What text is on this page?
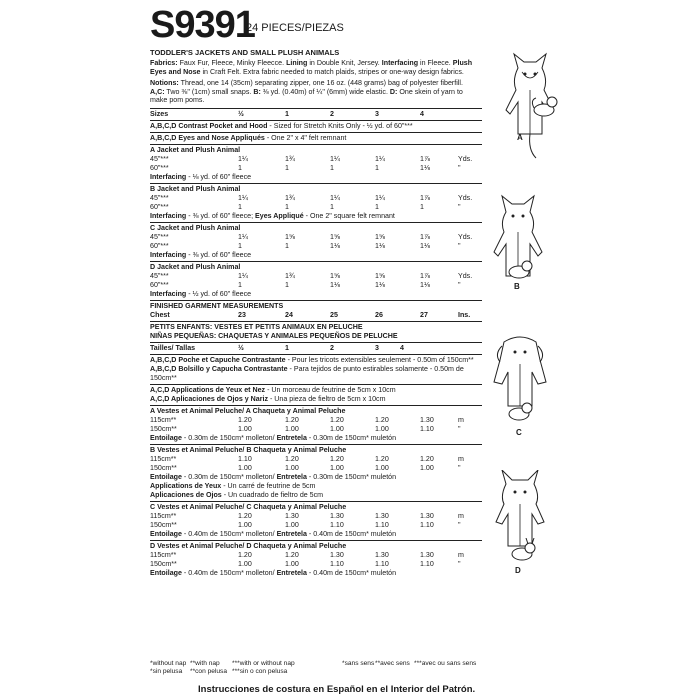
S9391
24 PIECES/PIEZAS
TODDLER'S JACKETS AND SMALL PLUSH ANIMALS

Fabrics: Faux Fur, Fleece, Minky Fleecce. Lining in Double Knit, Jersey. Interfacing in Fleece. Plush Eyes and Nose in Craft Felt. Extra fabric needed to match plaids, stripes or one-way design fabrics.

Notions: Thread, one 14 (35cm) separating zipper, one 16 oz. (448 grams) bag of polyester fiberfill.
A,C: Two ⅜" (1cm) small snaps. B: ⅜ yd. (0.40m) of ¼" (6mm) wide elastic. D: One skein of yarn to make pom poms.

Sizes	½	1	2	3	4
A,B,C,D Contrast Pocket and Hood - Sized for Stretch Knits Only - ½ yd. of 60"***
A,B,C,D Eyes and Nose Appliqués - One 2" x 4" felt remnant
A Jacket and Plush Animal
45"***	1¼	1¾	1¼	1¼	1⅞	Yds.
60"***	1	1	1	1	1⅛	"
Interfacing - ⅛ yd. of 60" fleece
B Jacket and Plush Animal
45"***	1¼	1¾	1¼	1¼	1⅞	Yds.
60"***	1	1	1	1	1	"
Interfacing - ⅜ yd. of 60" fleece; Eyes Appliqué - One 2" square felt remnant
C Jacket and Plush Animal
45"***	1¼	1⅝	1⅝	1⅝	1⅞	Yds.
60"***	1	1	1⅛	1⅛	1⅛	"
Interfacing - ⅜ yd. of 60" fleece
D Jacket and Plush Animal
45"***	1¼	1¾	1⅝	1⅝	1⅞	Yds.
60"***	1	1	1⅛	1⅛	1⅛	"
Interfacing - ½ yd. of 60" fleece
FINISHED GARMENT MEASUREMENTS
Chest	23	24	25	26	27	Ins.
PETITS ENFANTS: VESTES ET PETITS ANIMAUX EN PELUCHE
NIÑAS PEQUEÑAS: CHAQUETAS Y ANIMALES PEQUEÑOS DE PELUCHE
Tailles/ Tallas	½	1	2	3	4
A,B,C,D Poche et Capuche Contrastante - Pour les tricots extensibles seulement - 0.50m of 150cm**
A,B,C,D Bolsillo y Capucha Contrastante - Para tejidos de punto estirables solamente - 0.50m de 150cm**
A,C,D Applications de Yeux et Nez - Un morceau de feutrine de 5cm x 10cm
A,C,D Aplicaciones de Ojos y Nariz - Una pieza de fieltro de 5cm x 10cm
A Vestes et Animal Peluche/ A Chaqueta y Animal Peluche
115cm**	1.20	1.20	1.20	1.20	1.30	m
150cm**	1.00	1.00	1.00	1.00	1.10	"
Entoilage - 0.30m de 150cm* molleton/ Entretela - 0.30m de 150cm* muletón
B Vestes et Animal Peluche/ B Chaqueta y Animal Peluche
115cm**	1.10	1.20	1.20	1.20	1.20	m
150cm**	1.00	1.00	1.00	1.00	1.00	"
Entoilage - 0.30m de 150cm* molleton/ Entretela - 0.30m de 150cm* muletón
Applications de Yeux - Un carré de feutrine de 5cm
Aplicaciones de Ojos - Un cuadrado de fieltro de 5cm
C Vestes et Animal Peluche/ C Chaqueta y Animal Peluche
115cm**	1.20	1.30	1.30	1.30	1.30	m
150cm**	1.00	1.00	1.10	1.10	1.10	"
Entoilage - 0.40m de 150cm* molleton/ Entretela - 0.40m de 150cm* muletón
D Vestes et Animal Peluche/ D Chaqueta y Animal Peluche
115cm**	1.20	1.20	1.30	1.30	1.30	m
150cm**	1.00	1.00	1.10	1.10	1.10	"
Entoilage - 0.40m de 150cm* molleton/ Entretela - 0.40m de 150cm* muletón
*without nap **with nap ***with or without nap	*sans sens **avec sens ***avec ou sans sens
*sin pelusa **con pelusa ***sin o con pelusa
Instrucciones de costura en Español en el Interior del Patrón.
A
B
C
D
